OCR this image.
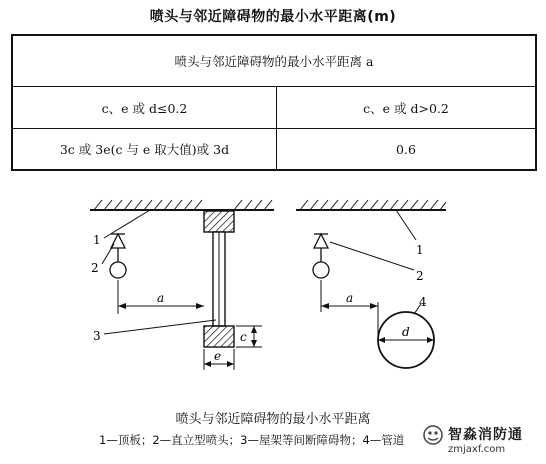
喷头与邻近障碍物的最小水平距离(m)
喷头与邻近障碍物的最小水平距离 a	
c、e 或 d≤0.2	c、e 或 d>0.2
3c 或 3e(c 与 e 取大值)或 3d	0.6
a
c
e
1
2
3	d
a
1
2
4
喷头与邻近障碍物的最小水平距离
1—顶板；2—直立型喷头；3—屋架等间断障碍物；4—管道	智淼消防通
zmjaxf.com
